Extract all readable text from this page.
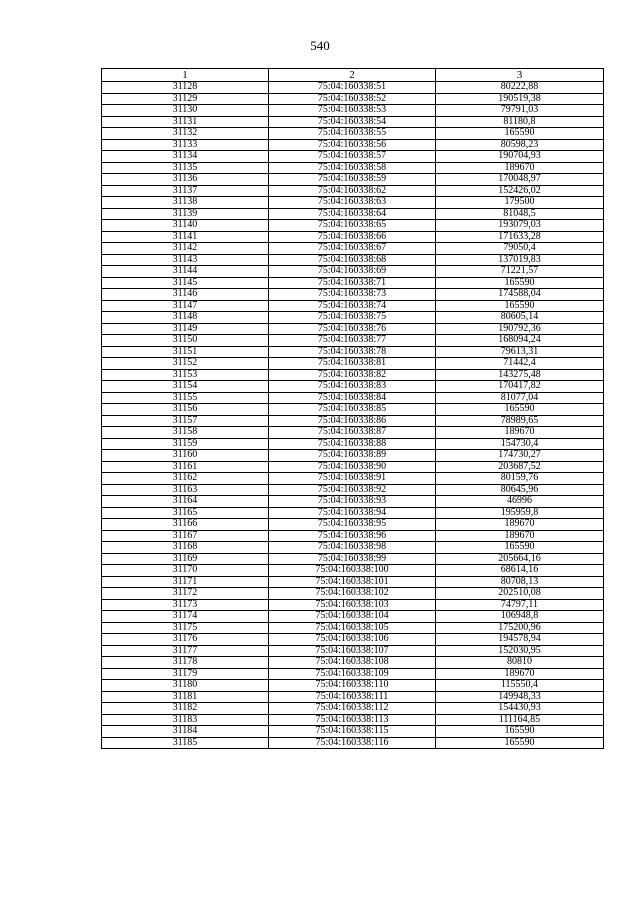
540
1	2	3
31128	75:04:160338:51	80222,88
31129	75:04:160338:52	190519,38
31130	75:04:160338:53	79791,03
31131	75:04:160338:54	81180,8
31132	75:04:160338:55	165590
31133	75:04:160338:56	80598,23
31134	75:04:160338:57	190704,93
31135	75:04:160338:58	189670
31136	75:04:160338:59	170048,97
31137	75:04:160338:62	152426,02
31138	75:04:160338:63	179500
31139	75:04:160338:64	81048,5
31140	75:04:160338:65	193079,03
31141	75:04:160338:66	171633,28
31142	75:04:160338:67	79050,4
31143	75:04:160338:68	137019,83
31144	75:04:160338:69	71221,57
31145	75:04:160338:71	165590
31146	75:04:160338:73	174588,04
31147	75:04:160338:74	165590
31148	75:04:160338:75	80605,14
31149	75:04:160338:76	190792,36
31150	75:04:160338:77	168094,24
31151	75:04:160338:78	79613,31
31152	75:04:160338:81	71442,4
31153	75:04:160338:82	143275,48
31154	75:04:160338:83	170417,82
31155	75:04:160338:84	81077,04
31156	75:04:160338:85	165590
31157	75:04:160338:86	78989,65
31158	75:04:160338:87	189670
31159	75:04:160338:88	154730,4
31160	75:04:160338:89	174730,27
31161	75:04:160338:90	203687,52
31162	75:04:160338:91	80159,76
31163	75:04:160338:92	80645,96
31164	75:04:160338:93	46996
31165	75:04:160338:94	195959,8
31166	75:04:160338:95	189670
31167	75:04:160338:96	189670
31168	75:04:160338:98	165590
31169	75:04:160338:99	205664,16
31170	75:04:160338:100	68614,16
31171	75:04:160338:101	80708,13
31172	75:04:160338:102	202510,08
31173	75:04:160338:103	74797,11
31174	75:04:160338:104	106948,8
31175	75:04:160338:105	175200,96
31176	75:04:160338:106	194578,94
31177	75:04:160338:107	152030,95
31178	75:04:160338:108	80810
31179	75:04:160338:109	189670
31180	75:04:160338:110	115550,4
31181	75:04:160338:111	149948,33
31182	75:04:160338:112	154430,93
31183	75:04:160338:113	111164,85
31184	75:04:160338:115	165590
31185	75:04:160338:116	165590
